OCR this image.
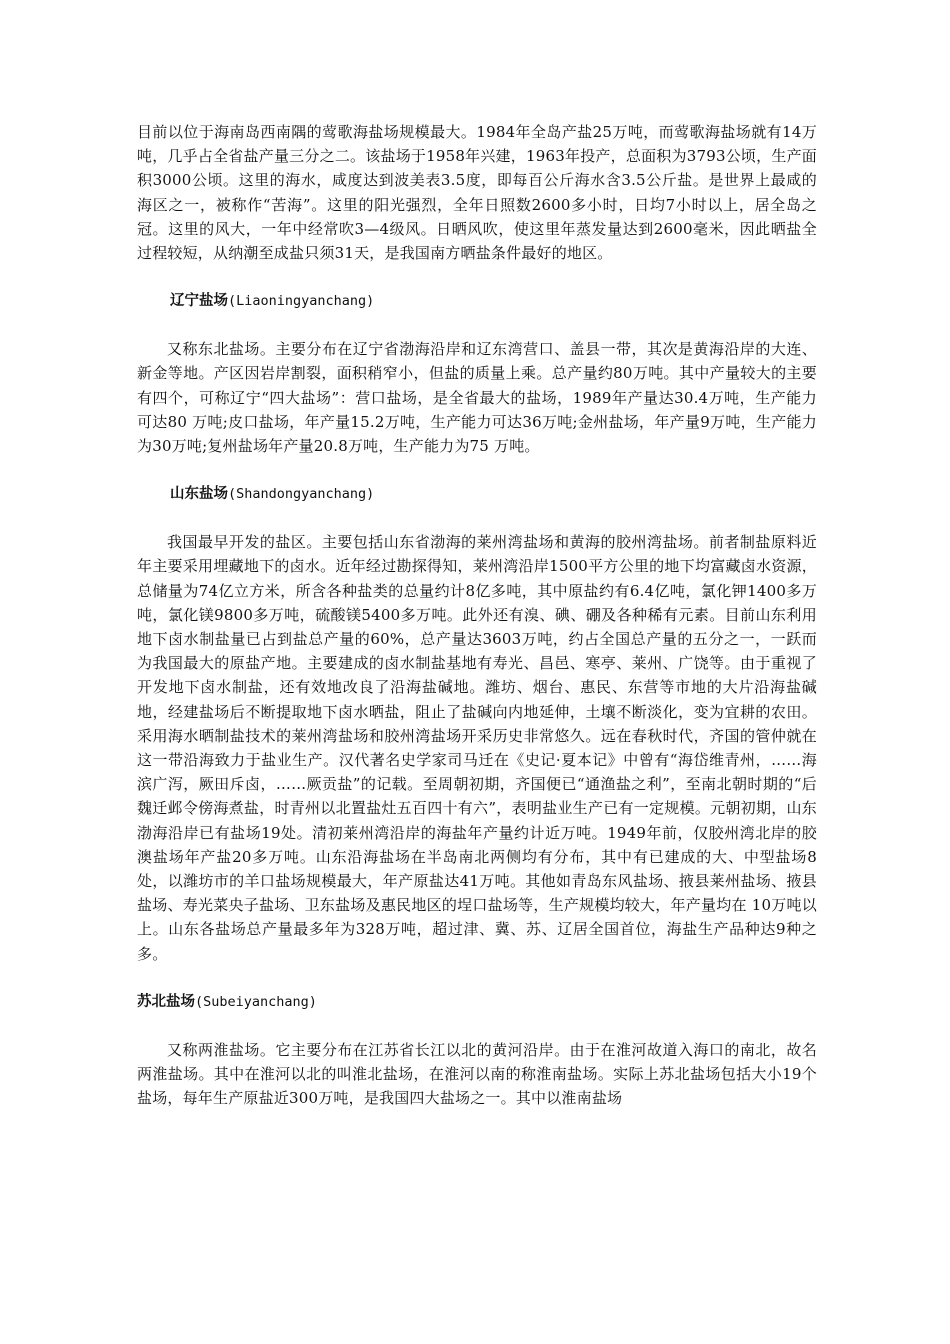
目前以位于海南岛西南隅的莺歌海盐场规模最大。1984年全岛产盐25万吨，而莺歌海盐场就有14万吨，几乎占全省盐产量三分之二。该盐场于1958年兴建，1963年投产，总面积为3793公顷，生产面积3000公顷。这里的海水，咸度达到波美表3.5度，即每百公斤海水含3.5公斤盐。是世界上最咸的海区之一，被称作“苦海”。这里的阳光强烈，全年日照数2600多小时，日均7小时以上，居全岛之冠。这里的风大，一年中经常吹3—4级风。日晒风吹，使这里年蒸发量达到2600毫米，因此晒盐全过程较短，从纳潮至成盐只须31天，是我国南方晒盐条件最好的地区。

辽宁盐场(Liaoningyanchang)

又称东北盐场。主要分布在辽宁省渤海沿岸和辽东湾营口、盖县一带，其次是黄海沿岸的大连、新金等地。产区因岩岸割裂，面积稍窄小，但盐的质量上乘。总产量约80万吨。其中产量较大的主要有四个，可称辽宁“四大盐场”：营口盐场，是全省最大的盐场，1989年产量达30.4万吨，生产能力可达80 万吨;皮口盐场，年产量15.2万吨，生产能力可达36万吨;金州盐场，年产量9万吨，生产能力为30万吨;复州盐场年产量20.8万吨，生产能力为75 万吨。

山东盐场(Shandongyanchang)

我国最早开发的盐区。主要包括山东省渤海的莱州湾盐场和黄海的胶州湾盐场。前者制盐原料近年主要采用埋藏地下的卤水。近年经过勘探得知，莱州湾沿岸1500平方公里的地下均富藏卤水资源，总储量为74亿立方米，所含各种盐类的总量约计8亿多吨，其中原盐约有6.4亿吨，氯化钾1400多万吨，氯化镁9800多万吨，硫酸镁5400多万吨。此外还有溴、碘、硼及各种稀有元素。目前山东利用地下卤水制盐量已占到盐总产量的60%，总产量达3603万吨，约占全国总产量的五分之一，一跃而为我国最大的原盐产地。主要建成的卤水制盐基地有寿光、昌邑、寒亭、莱州、广饶等。由于重视了开发地下卤水制盐，还有效地改良了沿海盐碱地。潍坊、烟台、惠民、东营等市地的大片沿海盐碱地，经建盐场后不断提取地下卤水晒盐，阻止了盐碱向内地延伸，土壤不断淡化，变为宜耕的农田。采用海水晒制盐技术的莱州湾盐场和胶州湾盐场开采历史非常悠久。远在春秋时代，齐国的管仲就在这一带沿海致力于盐业生产。汉代著名史学家司马迁在《史记·夏本记》中曾有“海岱维青州，……海滨广泻，厥田斥卤，……厥贡盐”的记载。至周朝初期，齐国便已“通渔盐之利”，至南北朝时期的“后魏迁邺令傍海煮盐，时青州以北置盐灶五百四十有六”，表明盐业生产已有一定规模。元朝初期，山东渤海沿岸已有盐场19处。清初莱州湾沿岸的海盐年产量约计近万吨。1949年前，仅胶州湾北岸的胶澳盐场年产盐20多万吨。山东沿海盐场在半岛南北两侧均有分布，其中有已建成的大、中型盐场8处，以潍坊市的羊口盐场规模最大，年产原盐达41万吨。其他如青岛东风盐场、掖县莱州盐场、掖县盐场、寿光菜央子盐场、卫东盐场及惠民地区的埕口盐场等，生产规模均较大，年产量均在 10万吨以上。山东各盐场总产量最多年为328万吨，超过津、冀、苏、辽居全国首位，海盐生产品种达9种之多。

苏北盐场(Subeiyanchang)

又称两淮盐场。它主要分布在江苏省长江以北的黄河沿岸。由于在淮河故道入海口的南北，故名两淮盐场。其中在淮河以北的叫淮北盐场，在淮河以南的称淮南盐场。实际上苏北盐场包括大小19个盐场，每年生产原盐近300万吨，是我国四大盐场之一。其中以淮南盐场
